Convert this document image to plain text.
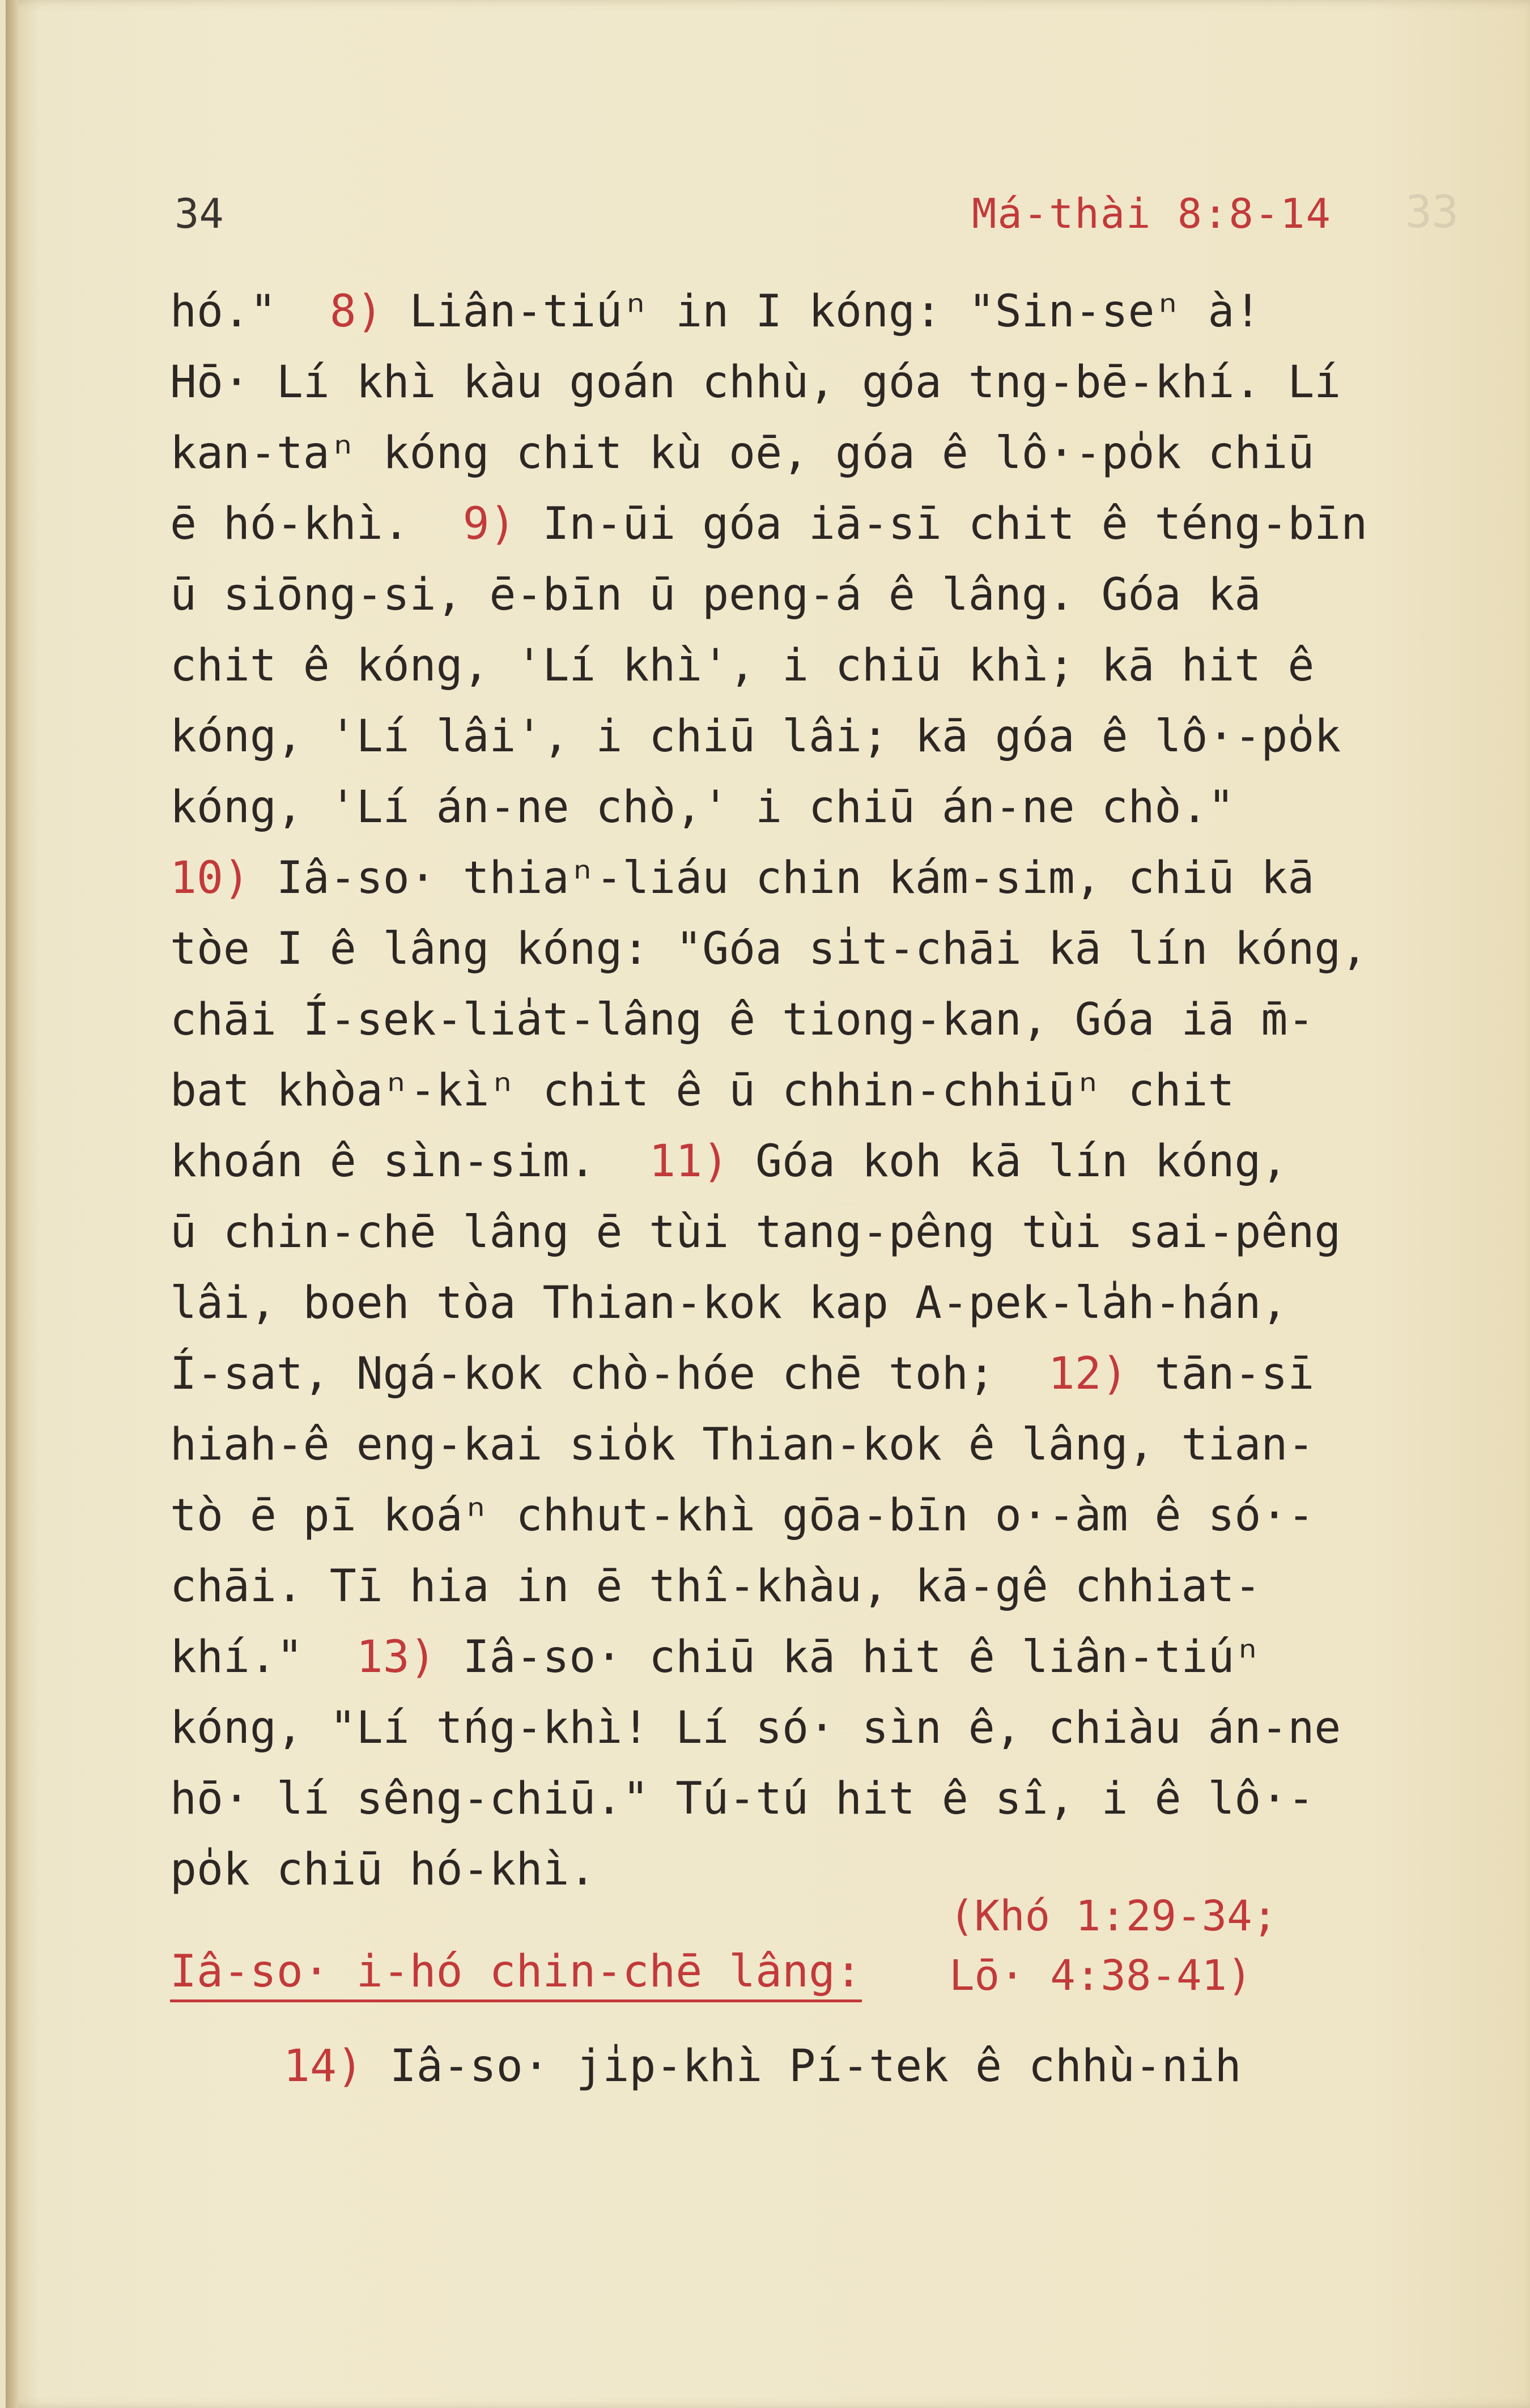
33

34	Má-thài 8:8-14
hó."  8) Liân-tiúⁿ in I kóng: "Sin-seⁿ à!
Hō· Lí khì kàu goán chhù, góa tng-bē-khí. Lí
kan-taⁿ kóng chit kù oē, góa ê lô·-po̍k chiū
ē hó-khì.  9) In-ūi góa iā-sī chit ê téng-bīn
ū siōng-si, ē-bīn ū peng-á ê lâng. Góa kā
chit ê kóng, 'Lí khì', i chiū khì; kā hit ê
kóng, 'Lí lâi', i chiū lâi; kā góa ê lô·-po̍k
kóng, 'Lí án-ne chò,' i chiū án-ne chò."
10) Iâ-so· thiaⁿ-liáu chin kám-sim, chiū kā
tòe I ê lâng kóng: "Góa si̍t-chāi kā lín kóng,
chāi Í-sek-lia̍t-lâng ê tiong-kan, Góa iā m̄-
bat khòaⁿ-kìⁿ chit ê ū chhin-chhiūⁿ chit
khoán ê sìn-sim.  11) Góa koh kā lín kóng,
ū chin-chē lâng ē tùi tang-pêng tùi sai-pêng
lâi, boeh tòa Thian-kok kap A-pek-la̍h-hán,
Í-sat, Ngá-kok chò-hóe chē toh;  12) tān-sī
hiah-ê eng-kai sio̍k Thian-kok ê lâng, tian-
tò ē pī koáⁿ chhut-khì gōa-bīn o·-àm ê só·-
chāi. Tī hia in ē thî-khàu, kā-gê chhiat-
khí."  13) Iâ-so· chiū kā hit ê liân-tiúⁿ
kóng, "Lí tńg-khì! Lí só· sìn ê, chiàu án-ne
hō· lí sêng-chiū." Tú-tú hit ê sî, i ê lô·-
po̍k chiū hó-khì.
(Khó 1:29-34;
Lō· 4:38-41)
Iâ-so· i-hó chin-chē lâng:
14) Iâ-so· ji̍p-khì Pí-tek ê chhù-nih
